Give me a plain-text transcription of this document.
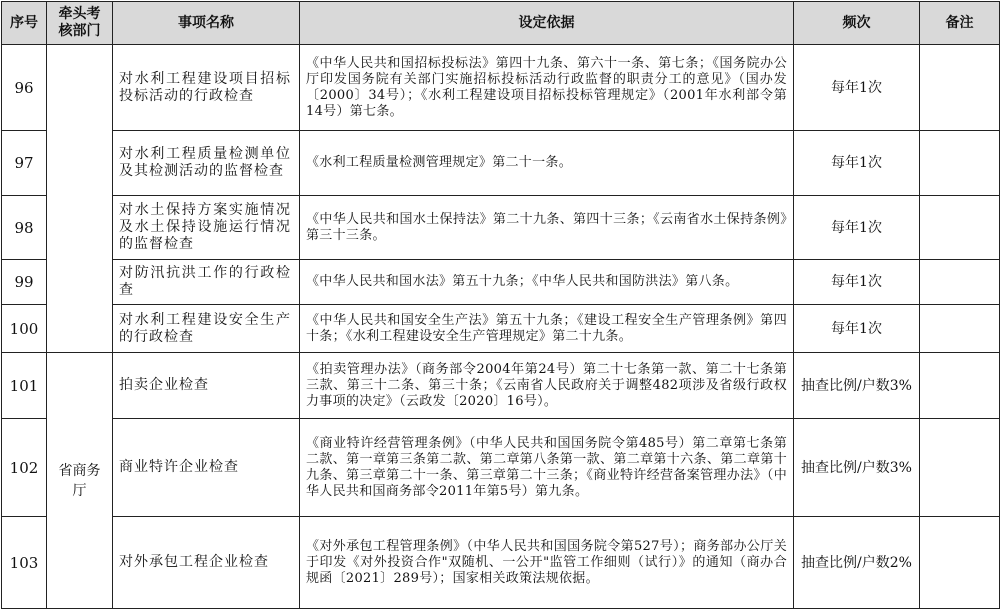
序号	牵头考核部门	事项名称	设定依据	频次	备注
96		对水利工程建设项目招标投标活动的行政检查	《中华人民共和国招标投标法》第四十九条、第六十一条、第七条；《国务院办公厅印发国务院有关部门实施招标投标活动行政监督的职责分工的意见》（国办发〔2000〕34号）；《水利工程建设项目招标投标管理规定》（2001年水利部令第14号）第七条。	每年1次	
97		对水利工程质量检测单位及其检测活动的监督检查	《水利工程质量检测管理规定》第二十一条。	每年1次	
98		对水土保持方案实施情况及水土保持设施运行情况的监督检查	《中华人民共和国水土保持法》第二十九条、第四十三条；《云南省水土保持条例》第三十三条。	每年1次	
99		对防汛抗洪工作的行政检查	《中华人民共和国水法》第五十九条；《中华人民共和国防洪法》第八条。	每年1次	
100		对水利工程建设安全生产的行政检查	《中华人民共和国安全生产法》第五十九条；《建设工程安全生产管理条例》第四十条；《水利工程建设安全生产管理规定》第二十九条。	每年1次	
101	省商务厅	拍卖企业检查	《拍卖管理办法》（商务部令2004年第24号）第二十七条第一款、第二十七条第三款、第三十二条、第三十条；《云南省人民政府关于调整482项涉及省级行政权力事项的决定》（云政发〔2020〕16号）。	抽查比例/户数3%	
102		商业特许企业检查	《商业特许经营管理条例》（中华人民共和国国务院令第485号）第二章第七条第二款、第一章第三条第二款、第二章第八条第一款、第二章第十六条、第二章第十九条、第三章第二十一条、第三章第二十三条；《商业特许经营备案管理办法》（中华人民共和国商务部令2011年第5号）第九条。	抽查比例/户数3%	
103		对外承包工程企业检查	《对外承包工程管理条例》（中华人民共和国国务院令第527号）；商务部办公厅关于印发《对外投资合作"双随机、一公开"监管工作细则（试行）》的通知（商办合规函〔2021〕289号）；国家相关政策法规依据。	抽查比例/户数2%	
